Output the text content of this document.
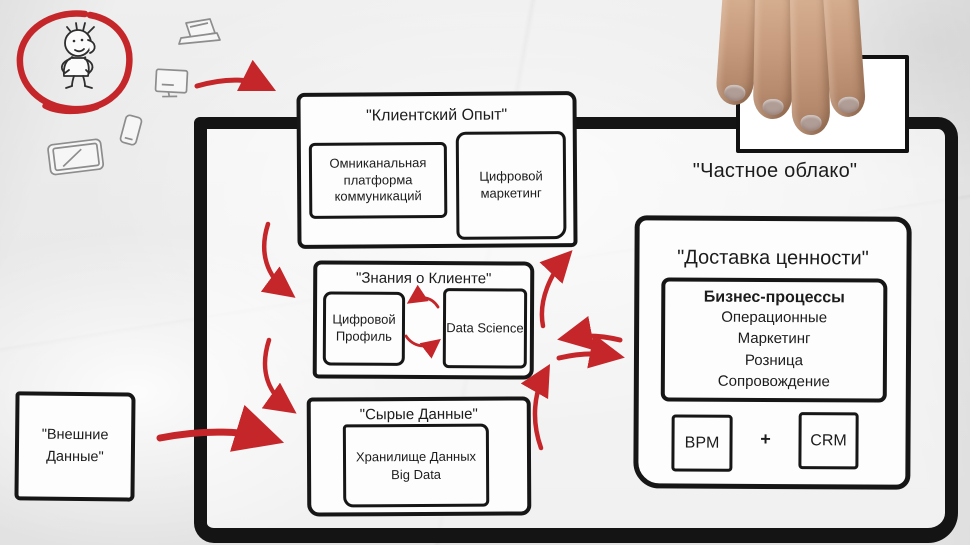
"Клиентский Опыт"
Омниканальная платформа коммуникаций
Цифровой маркетинг
"Знания о Клиенте"
Цифровой Профиль
Data Science
"Сырые Данные"
Хранилище Данных Big Data
"Доставка ценности"
Бизнес-процессы
Операционные
Маркетинг
Розница
Сопровождение
BPM	+	CRM
"Внешние Данные"
"Частное облако"
